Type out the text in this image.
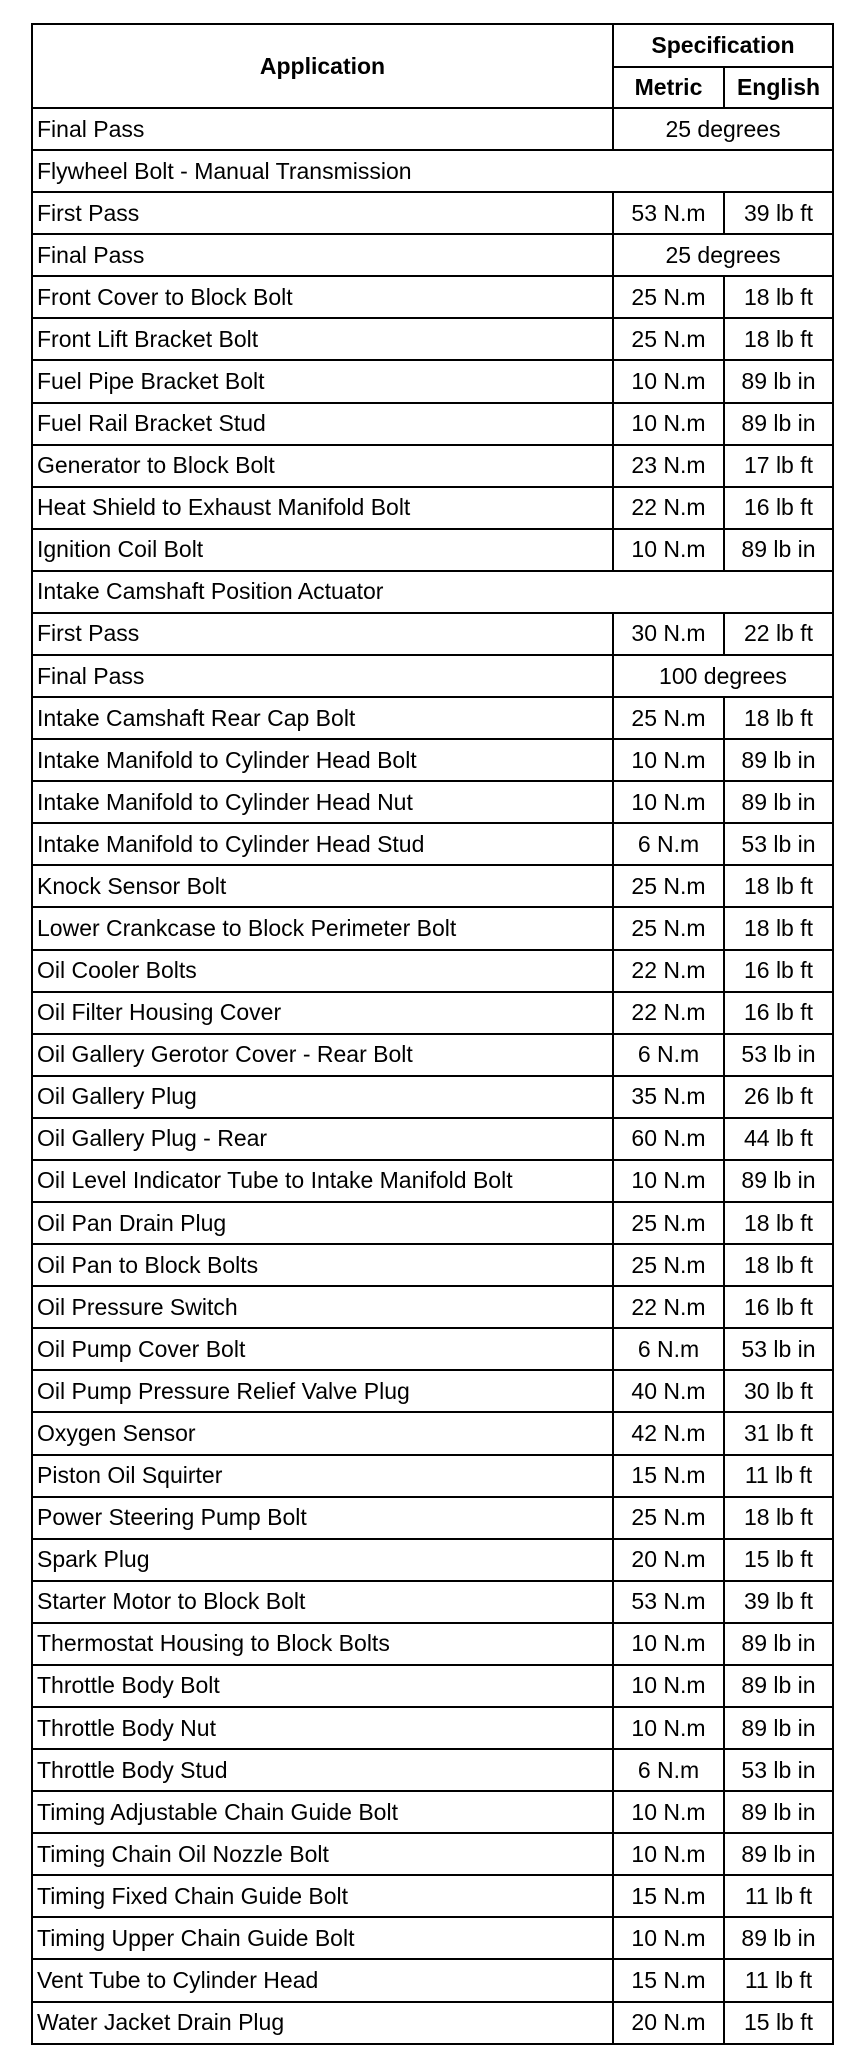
Application	Specification	
	Metric	English
Final Pass	25 degrees	
Flywheel Bolt - Manual Transmission		
First Pass	53 N.m	39 lb ft
Final Pass	25 degrees	
Front Cover to Block Bolt	25 N.m	18 lb ft
Front Lift Bracket Bolt	25 N.m	18 lb ft
Fuel Pipe Bracket Bolt	10 N.m	89 lb in
Fuel Rail Bracket Stud	10 N.m	89 lb in
Generator to Block Bolt	23 N.m	17 lb ft
Heat Shield to Exhaust Manifold Bolt	22 N.m	16 lb ft
Ignition Coil Bolt	10 N.m	89 lb in
Intake Camshaft Position Actuator		
First Pass	30 N.m	22 lb ft
Final Pass	100 degrees	
Intake Camshaft Rear Cap Bolt	25 N.m	18 lb ft
Intake Manifold to Cylinder Head Bolt	10 N.m	89 lb in
Intake Manifold to Cylinder Head Nut	10 N.m	89 lb in
Intake Manifold to Cylinder Head Stud	6 N.m	53 lb in
Knock Sensor Bolt	25 N.m	18 lb ft
Lower Crankcase to Block Perimeter Bolt	25 N.m	18 lb ft
Oil Cooler Bolts	22 N.m	16 lb ft
Oil Filter Housing Cover	22 N.m	16 lb ft
Oil Gallery Gerotor Cover - Rear Bolt	6 N.m	53 lb in
Oil Gallery Plug	35 N.m	26 lb ft
Oil Gallery Plug - Rear	60 N.m	44 lb ft
Oil Level Indicator Tube to Intake Manifold Bolt	10 N.m	89 lb in
Oil Pan Drain Plug	25 N.m	18 lb ft
Oil Pan to Block Bolts	25 N.m	18 lb ft
Oil Pressure Switch	22 N.m	16 lb ft
Oil Pump Cover Bolt	6 N.m	53 lb in
Oil Pump Pressure Relief Valve Plug	40 N.m	30 lb ft
Oxygen Sensor	42 N.m	31 lb ft
Piston Oil Squirter	15 N.m	11 lb ft
Power Steering Pump Bolt	25 N.m	18 lb ft
Spark Plug	20 N.m	15 lb ft
Starter Motor to Block Bolt	53 N.m	39 lb ft
Thermostat Housing to Block Bolts	10 N.m	89 lb in
Throttle Body Bolt	10 N.m	89 lb in
Throttle Body Nut	10 N.m	89 lb in
Throttle Body Stud	6 N.m	53 lb in
Timing Adjustable Chain Guide Bolt	10 N.m	89 lb in
Timing Chain Oil Nozzle Bolt	10 N.m	89 lb in
Timing Fixed Chain Guide Bolt	15 N.m	11 lb ft
Timing Upper Chain Guide Bolt	10 N.m	89 lb in
Vent Tube to Cylinder Head	15 N.m	11 lb ft
Water Jacket Drain Plug	20 N.m	15 lb ft
